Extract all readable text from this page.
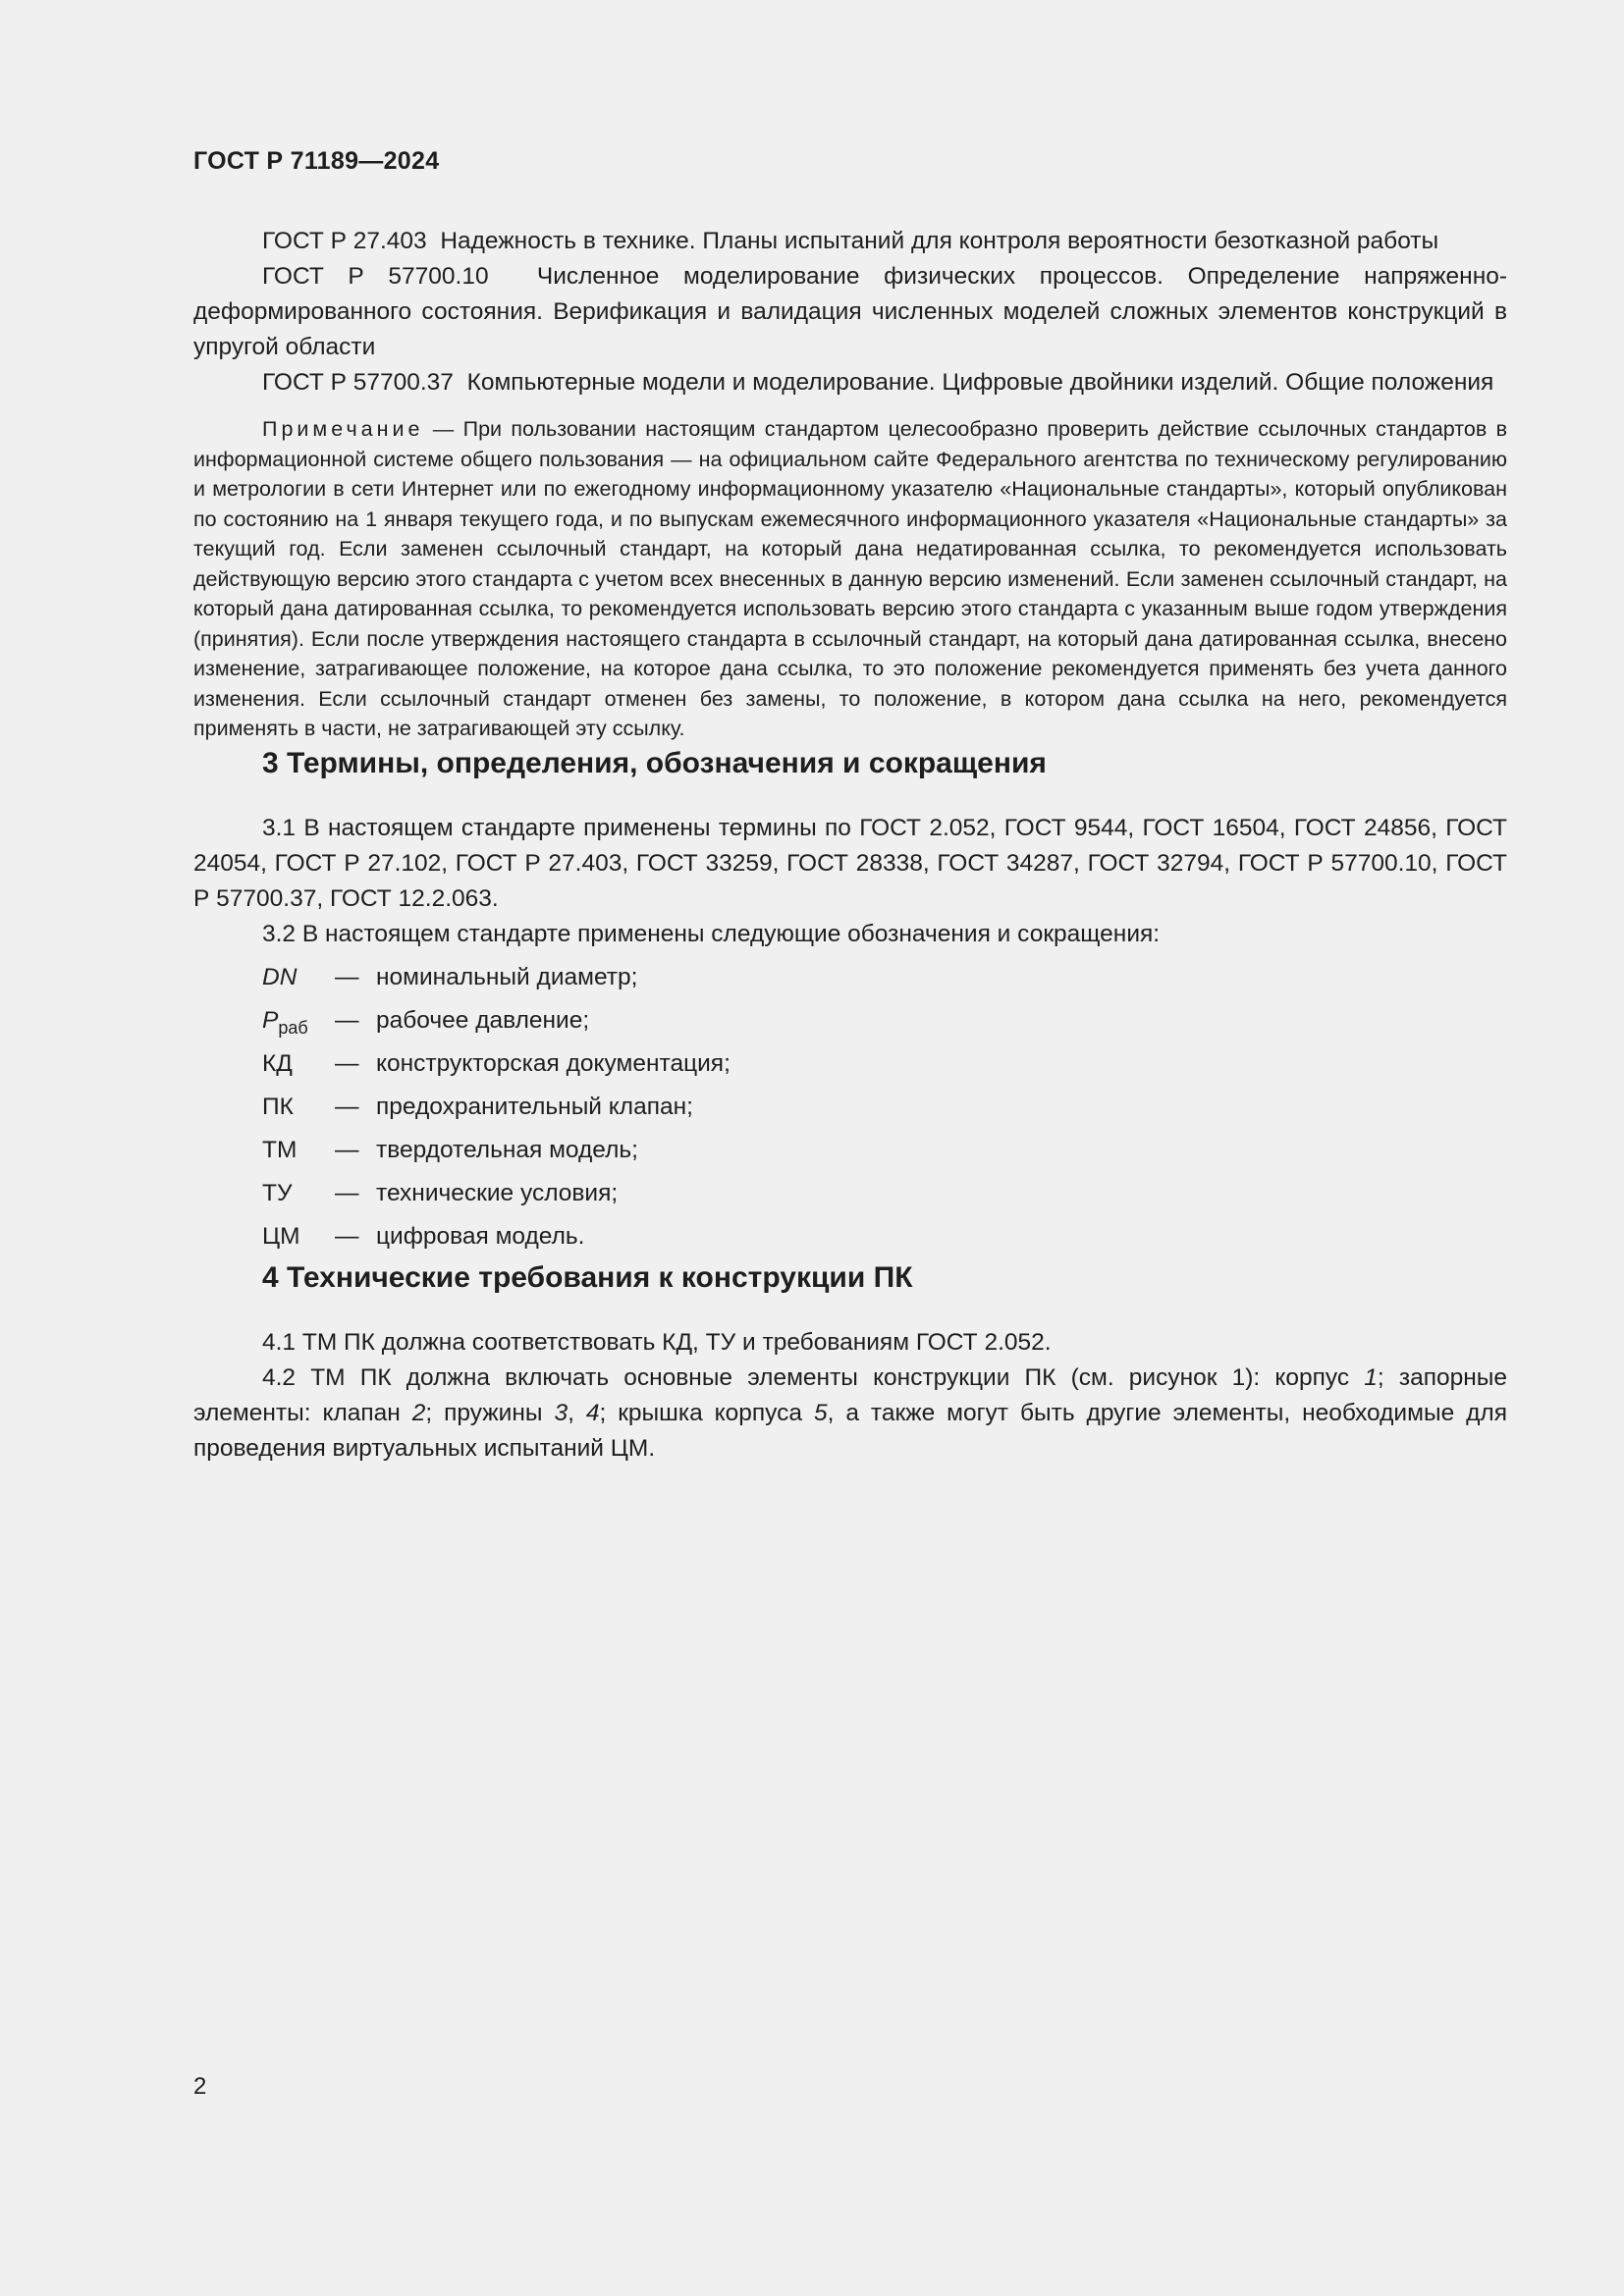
ГОСТ Р 71189—2024

ГОСТ Р 27.403 Надежность в технике. Планы испытаний для контроля вероятности безотказной работы

ГОСТ Р 57700.10 Численное моделирование физических процессов. Определение напряженно-деформированного состояния. Верификация и валидация численных моделей сложных элементов конструкций в упругой области

ГОСТ Р 57700.37 Компьютерные модели и моделирование. Цифровые двойники изделий. Общие положения

Примечание — При пользовании настоящим стандартом целесообразно проверить действие ссылочных стандартов в информационной системе общего пользования — на официальном сайте Федерального агентства по техническому регулированию и метрологии в сети Интернет или по ежегодному информационному указателю «Национальные стандарты», который опубликован по состоянию на 1 января текущего года, и по выпускам ежемесячного информационного указателя «Национальные стандарты» за текущий год. Если заменен ссылочный стандарт, на который дана недатированная ссылка, то рекомендуется использовать действующую версию этого стандарта с учетом всех внесенных в данную версию изменений. Если заменен ссылочный стандарт, на который дана датированная ссылка, то рекомендуется использовать версию этого стандарта с указанным выше годом утверждения (принятия). Если после утверждения настоящего стандарта в ссылочный стандарт, на который дана датированная ссылка, внесено изменение, затрагивающее положение, на которое дана ссылка, то это положение рекомендуется применять без учета данного изменения. Если ссылочный стандарт отменен без замены, то положение, в котором дана ссылка на него, рекомендуется применять в части, не затрагивающей эту ссылку.

3 Термины, определения, обозначения и сокращения

3.1 В настоящем стандарте применены термины по ГОСТ 2.052, ГОСТ 9544, ГОСТ 16504, ГОСТ 24856, ГОСТ 24054, ГОСТ Р 27.102, ГОСТ Р 27.403, ГОСТ 33259, ГОСТ 28338, ГОСТ 34287, ГОСТ 32794, ГОСТ Р 57700.10, ГОСТ Р 57700.37, ГОСТ 12.2.063.

3.2 В настоящем стандарте применены следующие обозначения и сокращения:

DN	— номинальный диаметр;
$P_{раб}$	— рабочее давление;
КД	— конструкторская документация;
ПК	— предохранительный клапан;
ТМ	— твердотельная модель;
ТУ	— технические условия;
ЦМ	— цифровая модель.
4 Технические требования к конструкции ПК

4.1 ТМ ПК должна соответствовать КД, ТУ и требованиям ГОСТ 2.052.

4.2 ТМ ПК должна включать основные элементы конструкции ПК (см. рисунок 1): корпус 1; запорные элементы: клапан 2; пружины 3, 4; крышка корпуса 5, а также могут быть другие элементы, необходимые для проведения виртуальных испытаний ЦМ.

2
